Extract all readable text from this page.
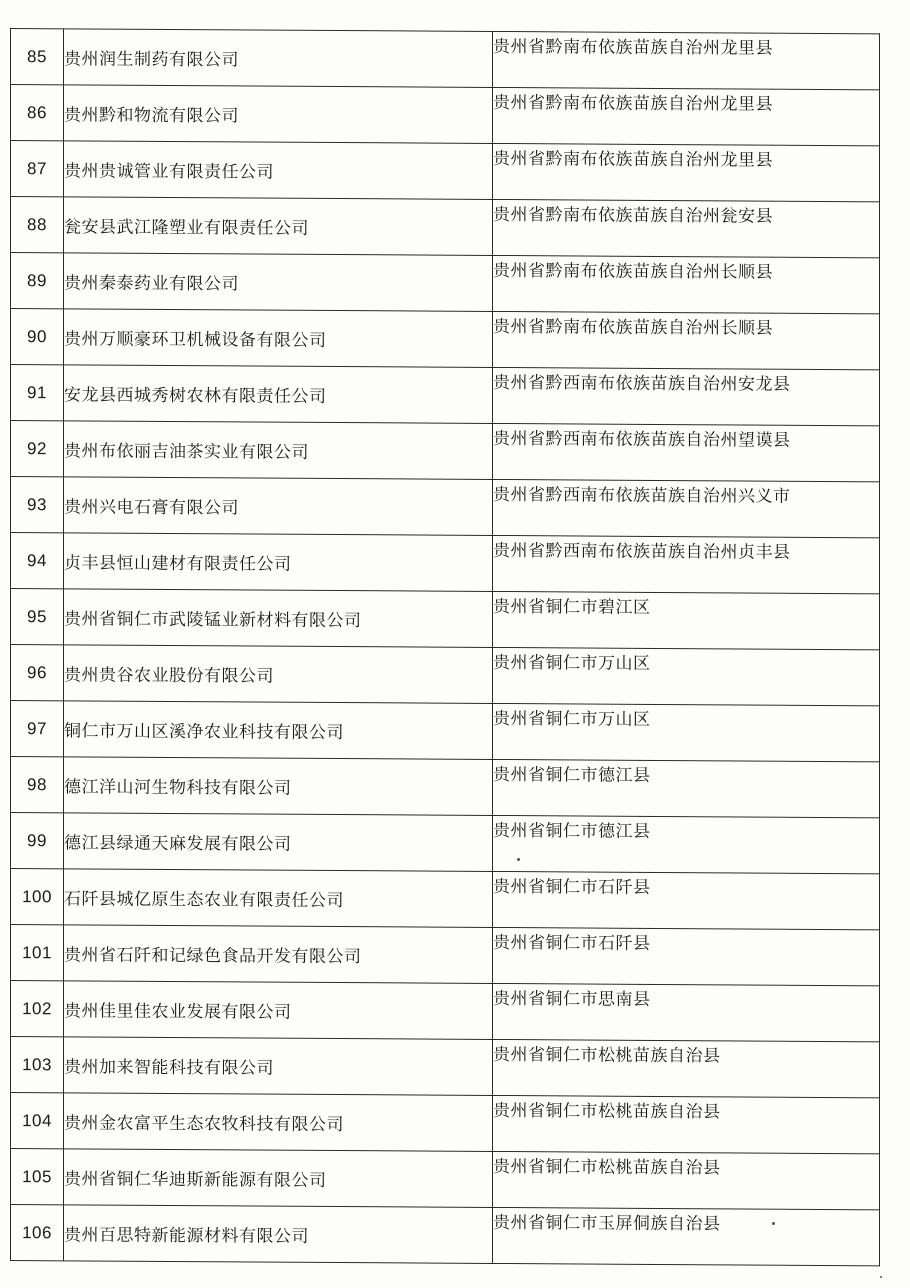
85	贵州润生制药有限公司	贵州省黔南布依族苗族自治州龙里县
86	贵州黔和物流有限公司	贵州省黔南布依族苗族自治州龙里县
87	贵州贵诚管业有限责任公司	贵州省黔南布依族苗族自治州龙里县
88	瓮安县武江隆塑业有限责任公司	贵州省黔南布依族苗族自治州瓮安县
89	贵州秦泰药业有限公司	贵州省黔南布依族苗族自治州长顺县
90	贵州万顺豪环卫机械设备有限公司	贵州省黔南布依族苗族自治州长顺县
91	安龙县西城秀树农林有限责任公司	贵州省黔西南布依族苗族自治州安龙县
92	贵州布依丽吉油茶实业有限公司	贵州省黔西南布依族苗族自治州望谟县
93	贵州兴电石膏有限公司	贵州省黔西南布依族苗族自治州兴义市
94	贞丰县恒山建材有限责任公司	贵州省黔西南布依族苗族自治州贞丰县
95	贵州省铜仁市武陵锰业新材料有限公司	贵州省铜仁市碧江区
96	贵州贵谷农业股份有限公司	贵州省铜仁市万山区
97	铜仁市万山区溪净农业科技有限公司	贵州省铜仁市万山区
98	德江洋山河生物科技有限公司	贵州省铜仁市德江县
99	德江县绿通天麻发展有限公司	贵州省铜仁市德江县
100	石阡县城亿原生态农业有限责任公司	贵州省铜仁市石阡县
101	贵州省石阡和记绿色食品开发有限公司	贵州省铜仁市石阡县
102	贵州佳里佳农业发展有限公司	贵州省铜仁市思南县
103	贵州加来智能科技有限公司	贵州省铜仁市松桃苗族自治县
104	贵州金农富平生态农牧科技有限公司	贵州省铜仁市松桃苗族自治县
105	贵州省铜仁华迪斯新能源有限公司	贵州省铜仁市松桃苗族自治县
106	贵州百思特新能源材料有限公司	贵州省铜仁市玉屏侗族自治县
